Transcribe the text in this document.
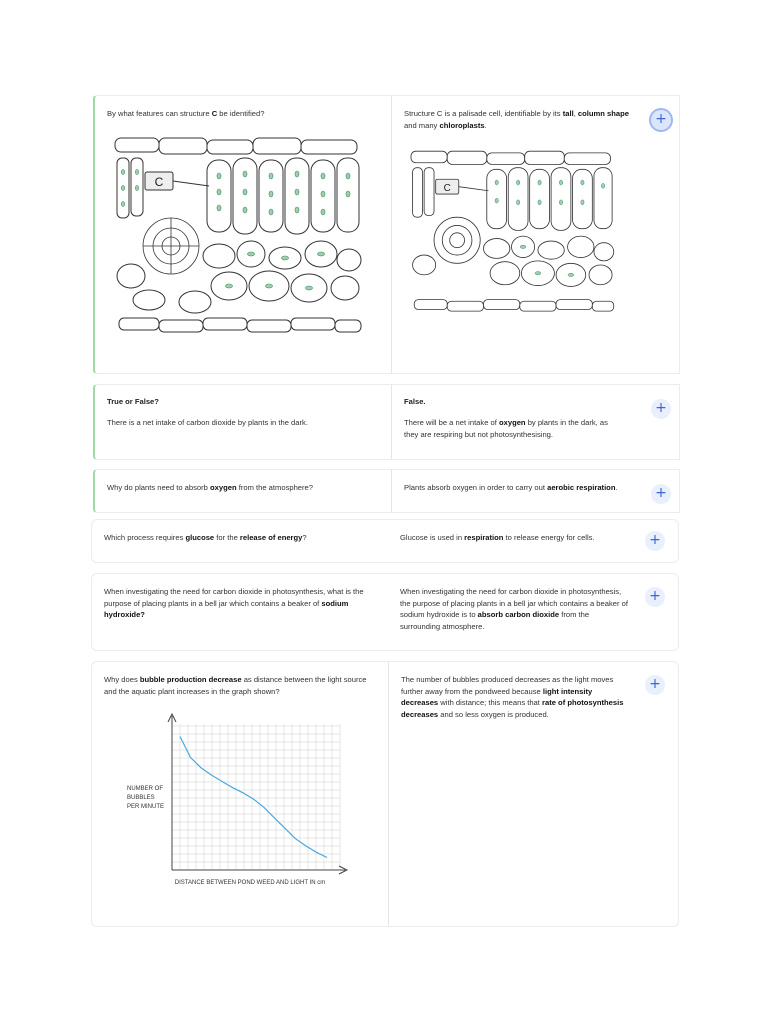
By what features can structure C be identified?

C

Structure C is a palisade cell, identifiable by its tall, column shape and many chloroplasts.

C
+

True or False?

There is a net intake of carbon dioxide by plants in the dark.

False.

There will be a net intake of oxygen by plants in the dark, as they are respiring but not photosynthesising.

+

Why do plants need to absorb oxygen from the atmosphere?	Plants absorb oxygen in order to carry out aerobic respiration.	+

Which process requires glucose for the release of energy?	Glucose is used in respiration to release energy for cells.	+

When investigating the need for carbon dioxide in photosynthesis, what is the purpose of placing plants in a bell jar which contains a beaker of sodium hydroxide?

When investigating the need for carbon dioxide in photosynthesis, the purpose of placing plants in a bell jar which contains a beaker of sodium hydroxide is to absorb carbon dioxide from the surrounding atmosphere.

+

Why does bubble production decrease as distance between the light source and the aquatic plant increases in the graph shown?

NUMBER OF
BUBBLES
PER MINUTE
DISTANCE BETWEEN POND WEED AND LIGHT IN cm

The number of bubbles produced decreases as the light moves further away from the pondweed because light intensity decreases with distance; this means that rate of photosynthesis decreases and so less oxygen is produced.

+
